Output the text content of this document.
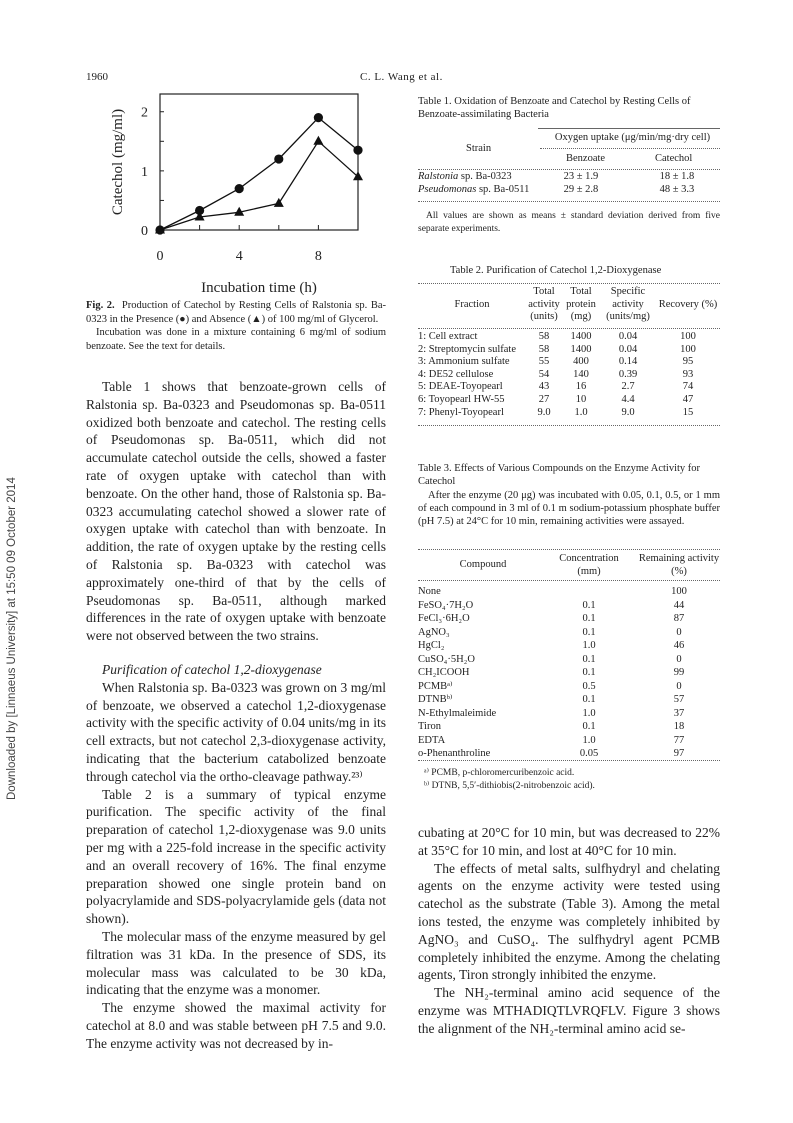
1960	C. L. Wang et al.
Downloaded by [Linnaeus University] at 15:50 09 October 2014
0	4	8
0
1
2
Incubation time (h)
Catechol (mg/ml)
Fig. 2. Production of Catechol by Resting Cells of Ralstonia sp. Ba-0323 in the Presence (●) and Absence (▲) of 100 mg/ml of Glycerol.
Incubation was done in a mixture containing 6 mg/ml of sodium benzoate. See the text for details.

Table 1 shows that benzoate-grown cells of Ralstonia sp. Ba-0323 and Pseudomonas sp. Ba-0511 oxidized both benzoate and catechol. The resting cells of Pseudomonas sp. Ba-0511, which did not accumulate catechol outside the cells, showed a faster rate of oxygen uptake with catechol than with benzoate. On the other hand, those of Ralstonia sp. Ba-0323 accumulating catechol showed a slower rate of oxygen uptake with catechol than with benzoate. In addition, the rate of oxygen uptake by the resting cells of Ralstonia sp. Ba-0323 with catechol was approximately one-third of that by the cells of Pseudomonas sp. Ba-0511, although marked differences in the rate of oxygen uptake with benzoate were not observed between the two strains.

Purification of catechol 1,2-dioxygenase

When Ralstonia sp. Ba-0323 was grown on 3 mg/ml of benzoate, we observed a catechol 1,2-dioxygenase activity with the specific activity of 0.04 units/mg in its cell extracts, but not catechol 2,3-dioxygenase activity, indicating that the bacterium catabolized benzoate through catechol via the ortho-cleavage pathway.²³⁾

Table 2 is a summary of typical enzyme purification. The specific activity of the final preparation of catechol 1,2-dioxygenase was 9.0 units per mg with a 225-fold increase in the specific activity and an overall recovery of 16%. The final enzyme preparation showed one single protein band on polyacrylamide and SDS-polyacrylamide gels (data not shown).

The molecular mass of the enzyme measured by gel filtration was 31 kDa. In the presence of SDS, its molecular mass was calculated to be 30 kDa, indicating that the enzyme was a monomer.

The enzyme showed the maximal activity for catechol at 8.0 and was stable between pH 7.5 and 9.0. The enzyme activity was not decreased by in-

Table 1. Oxidation of Benzoate and Catechol by Resting Cells of Benzoate-assimilating Bacteria
Oxygen uptake (μg/min/mg·dry cell)
Strain
Benzoate	Catechol
Ralstonia sp. Ba-0323	23 ± 1.9	18 ± 1.8
Pseudomonas sp. Ba-0511	29 ± 2.8	48 ± 3.3
All values are shown as means ± standard deviation derived from five separate experiments.
Table 2. Purification of Catechol 1,2-Dioxygenase
Fraction	Total activity (units)	Total protein (mg)	Specific activity (units/mg)	Recovery (%)
1: Cell extract	58	1400	0.04	100
2: Streptomycin sulfate	58	1400	0.04	100
3: Ammonium sulfate	55	400	0.14	95
4: DE52 cellulose	54	140	0.39	93
5: DEAE-Toyopearl	43	16	2.7	74
6: Toyopearl HW-55	27	10	4.4	47
7: Phenyl-Toyopearl	9.0	1.0	9.0	15
Table 3. Effects of Various Compounds on the Enzyme Activity for Catechol
After the enzyme (20 μg) was incubated with 0.05, 0.1, 0.5, or 1 mm of each compound in 3 ml of 0.1 m sodium-potassium phosphate buffer (pH 7.5) at 24°C for 10 min, remaining activities were assayed.
Compound	Concentration (mm)	Remaining activity (%)
None		100
FeSO₄·7H₂O	0.1	44
FeCl₃·6H₂O	0.1	87
AgNO₃	0.1	0
HgCl₂	1.0	46
CuSO₄·5H₂O	0.1	0
CH₂ICOOH	0.1	99
PCMBᵃ⁾	0.5	0
DTNBᵇ⁾	0.1	57
N-Ethylmaleimide	1.0	37
Tiron	0.1	18
EDTA	1.0	77
o-Phenanthroline	0.05	97
ᵃ⁾ PCMB, p-chloromercuribenzoic acid.
ᵇ⁾ DTNB, 5,5′-dithiobis(2-nitrobenzoic acid).

cubating at 20°C for 10 min, but was decreased to 22% at 35°C for 10 min, and lost at 40°C for 10 min.

The effects of metal salts, sulfhydryl and chelating agents on the enzyme activity were tested using catechol as the substrate (Table 3). Among the metal ions tested, the enzyme was completely inhibited by AgNO₃ and CuSO₄. The sulfhydryl agent PCMB completely inhibited the enzyme. Among the chelating agents, Tiron strongly inhibited the enzyme.

The NH₂-terminal amino acid sequence of the enzyme was MTHADIQTLVRQFLV. Figure 3 shows the alignment of the NH₂-terminal amino acid se-
